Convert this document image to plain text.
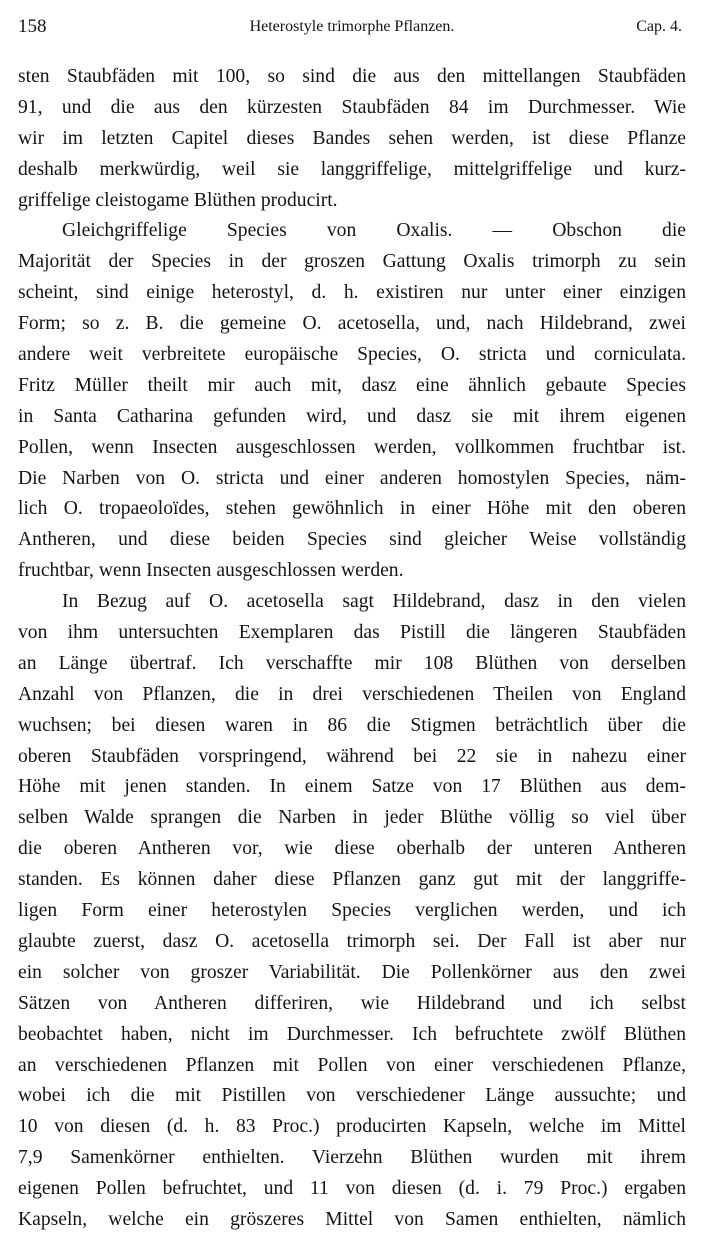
158	Heterostyle trimorphe Pflanzen.	Cap. 4.
sten Staubfäden mit 100, so sind die aus den mittellangen Staubfäden
91, und die aus den kürzesten Staubfäden 84 im Durchmesser. Wie
wir im letzten Capitel dieses Bandes sehen werden, ist diese Pflanze
deshalb merkwürdig, weil sie langgriffelige, mittelgriffelige und kurz-
griffelige cleistogame Blüthen producirt.
Gleichgriffelige Species von Oxalis. — Obschon die
Majorität der Species in der groszen Gattung Oxalis trimorph zu sein
scheint, sind einige heterostyl, d. h. existiren nur unter einer einzigen
Form; so z. B. die gemeine O. acetosella, und, nach Hildebrand, zwei
andere weit verbreitete europäische Species, O. stricta und corniculata.
Fritz Müller theilt mir auch mit, dasz eine ähnlich gebaute Species
in Santa Catharina gefunden wird, und dasz sie mit ihrem eigenen
Pollen, wenn Insecten ausgeschlossen werden, vollkommen fruchtbar ist.
Die Narben von O. stricta und einer anderen homostylen Species, näm-
lich O. tropaeoloïdes, stehen gewöhnlich in einer Höhe mit den oberen
Antheren, und diese beiden Species sind gleicher Weise vollständig
fruchtbar, wenn Insecten ausgeschlossen werden.
In Bezug auf O. acetosella sagt Hildebrand, dasz in den vielen
von ihm untersuchten Exemplaren das Pistill die längeren Staubfäden
an Länge übertraf. Ich verschaffte mir 108 Blüthen von derselben
Anzahl von Pflanzen, die in drei verschiedenen Theilen von England
wuchsen; bei diesen waren in 86 die Stigmen beträchtlich über die
oberen Staubfäden vorspringend, während bei 22 sie in nahezu einer
Höhe mit jenen standen. In einem Satze von 17 Blüthen aus dem-
selben Walde sprangen die Narben in jeder Blüthe völlig so viel über
die oberen Antheren vor, wie diese oberhalb der unteren Antheren
standen. Es können daher diese Pflanzen ganz gut mit der langgriffe-
ligen Form einer heterostylen Species verglichen werden, und ich
glaubte zuerst, dasz O. acetosella trimorph sei. Der Fall ist aber nur
ein solcher von groszer Variabilität. Die Pollenkörner aus den zwei
Sätzen von Antheren differiren, wie Hildebrand und ich selbst
beobachtet haben, nicht im Durchmesser. Ich befruchtete zwölf Blüthen
an verschiedenen Pflanzen mit Pollen von einer verschiedenen Pflanze,
wobei ich die mit Pistillen von verschiedener Länge aussuchte; und
10 von diesen (d. h. 83 Proc.) producirten Kapseln, welche im Mittel
7,9 Samenkörner enthielten. Vierzehn Blüthen wurden mit ihrem
eigenen Pollen befruchtet, und 11 von diesen (d. i. 79 Proc.) ergaben
Kapseln, welche ein gröszeres Mittel von Samen enthielten, nämlich
